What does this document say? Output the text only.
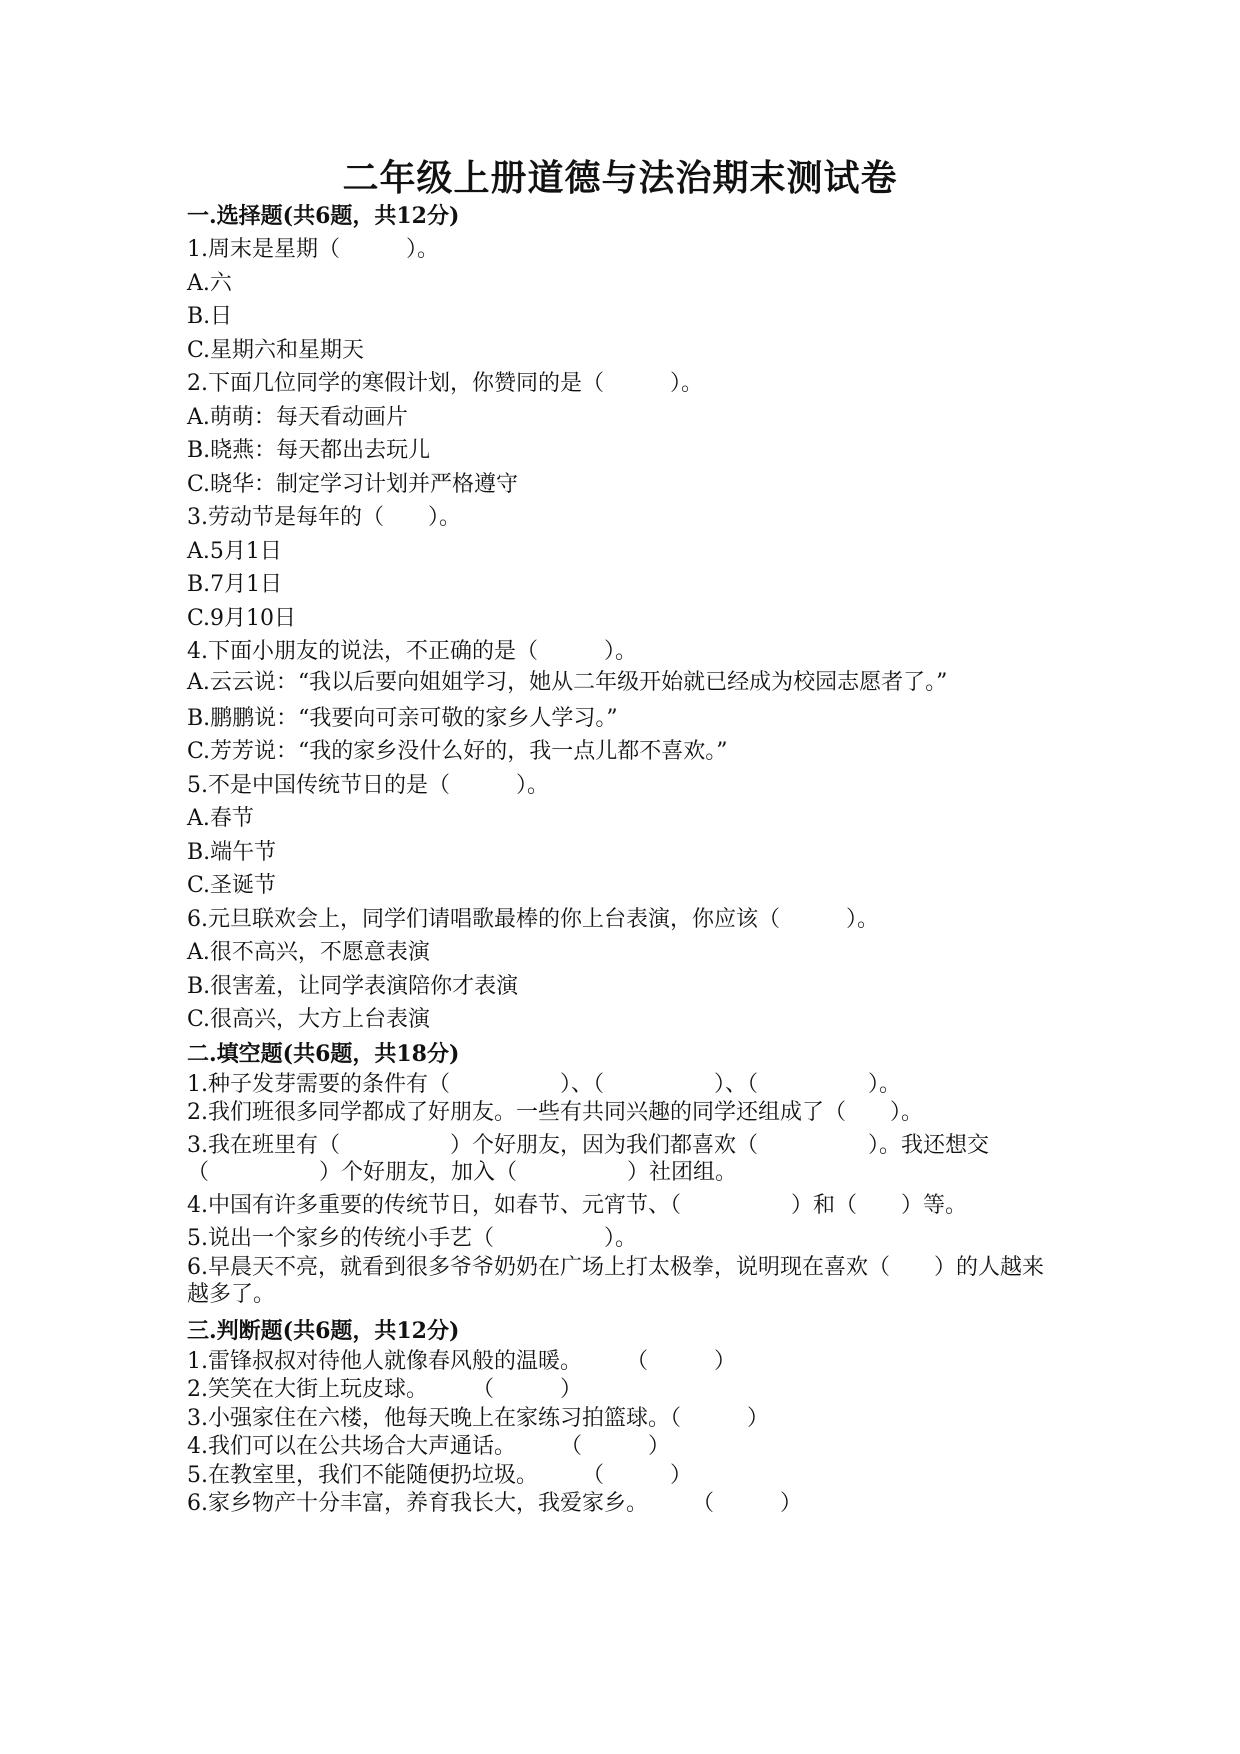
二年级上册道德与法治期末测试卷
一.选择题(共6题，共12分)
1.周末是星期（　　　）。
A.六
B.日
C.星期六和星期天
2.下面几位同学的寒假计划，你赞同的是（　　　）。
A.萌萌：每天看动画片
B.晓燕：每天都出去玩儿
C.晓华：制定学习计划并严格遵守
3.劳动节是每年的（　　）。
A.5月1日
B.7月1日
C.9月10日
4.下面小朋友的说法，不正确的是（　　　）。
A.云云说：“我以后要向姐姐学习，她从二年级开始就已经成为校园志愿者了。”
B.鹏鹏说：“我要向可亲可敬的家乡人学习。”
C.芳芳说：“我的家乡没什么好的，我一点儿都不喜欢。”
5.不是中国传统节日的是（　　　）。
A.春节
B.端午节
C.圣诞节
6.元旦联欢会上，同学们请唱歌最棒的你上台表演，你应该（　　　）。
A.很不高兴，不愿意表演
B.很害羞，让同学表演陪你才表演
C.很高兴，大方上台表演
二.填空题(共6题，共18分)
1.种子发芽需要的条件有（　　　　　）、（　　　　　）、（　　　　　）。
2.我们班很多同学都成了好朋友。一些有共同兴趣的同学还组成了（　　）。
3.我在班里有（　　　　　）个好朋友，因为我们都喜欢（　　　　　）。我还想交（　　　　　）个好朋友，加入（　　　　　）社团组。
4.中国有许多重要的传统节日，如春节、元宵节、（　　　　　）和（　　）等。
5.说出一个家乡的传统小手艺（　　　　　）。
6.早晨天不亮，就看到很多爷爷奶奶在广场上打太极拳，说明现在喜欢（　　）的人越来越多了。
三.判断题(共6题，共12分)
1.雷锋叔叔对待他人就像春风般的温暖。　　　（　　　）
2.笑笑在大街上玩皮球。　　　（　　　）
3.小强家住在六楼，他每天晚上在家练习拍篮球。（　　　）
4.我们可以在公共场合大声通话。　　　（　　　）
5.在教室里，我们不能随便扔垃圾。　　　（　　　）
6.家乡物产十分丰富，养育我长大，我爱家乡。　　　（　　　）
